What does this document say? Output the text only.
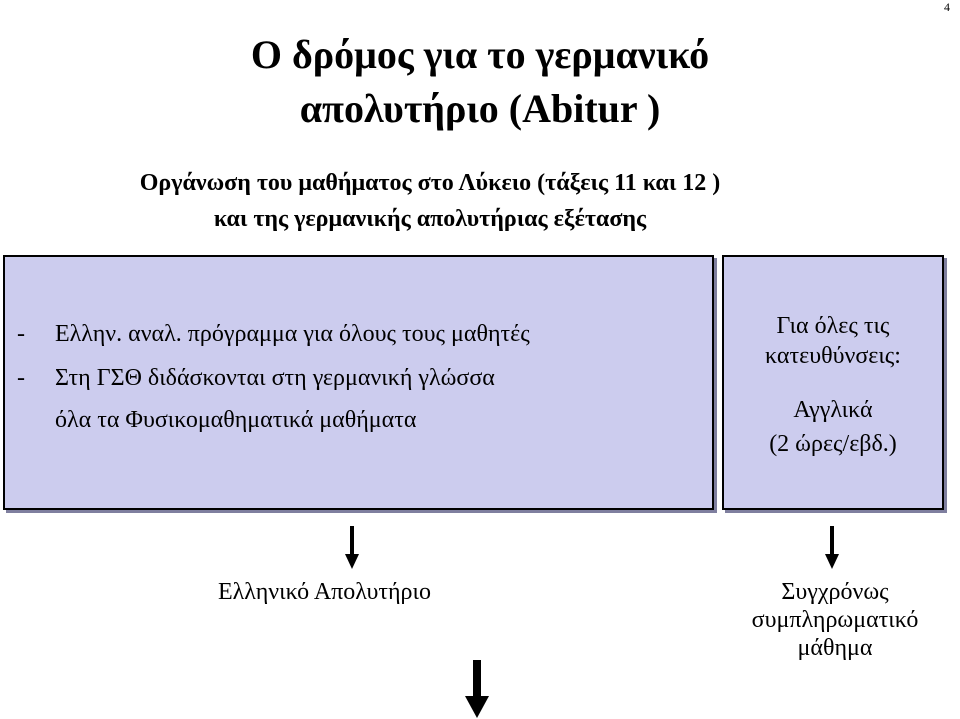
4
Ο δρόμος για το γερμανικό
απολυτήριο (Abitur )
Οργάνωση του μαθήματος στο Λύκειο (τάξεις 11 και 12 )
και της γερμανικής απολυτήριας εξέτασης
- Ελλην. αναλ. πρόγραμμα για όλους τους μαθητές
- Στη ΓΣΘ διδάσκονται στη γερμανική γλώσσα
όλα τα Φυσικομαθηματικά μαθήματα
Για όλες τις
κατευθύνσεις:
Αγγλικά
(2 ώρες/εβδ.)
Ελληνικό Απολυτήριο	Συγχρόνως
συμπληρωματικό
μάθημα
